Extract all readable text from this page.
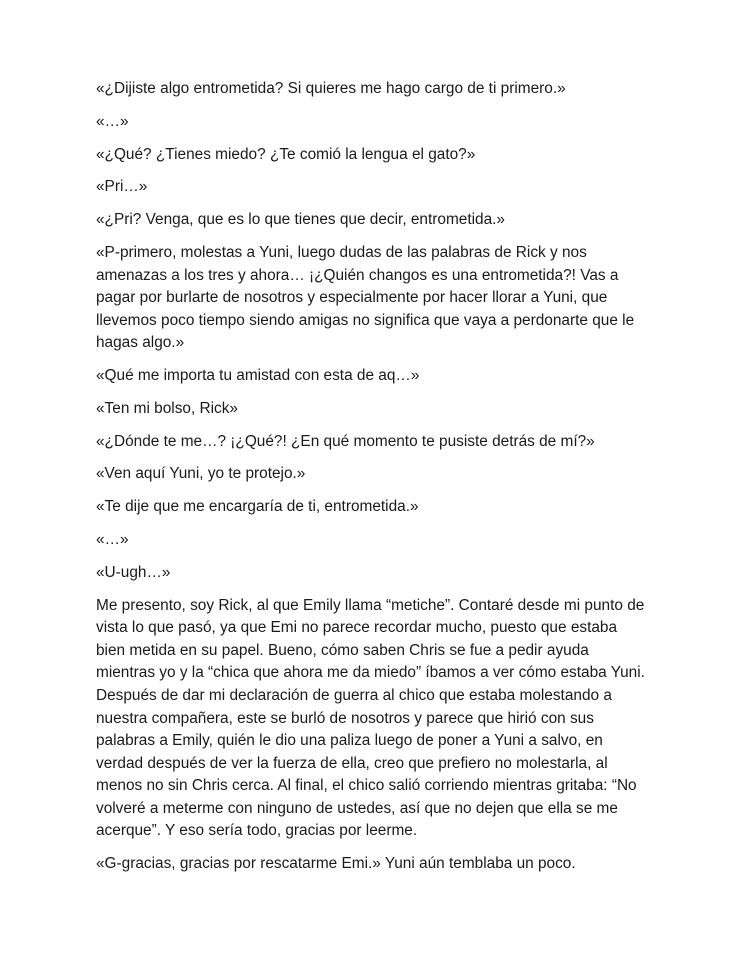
«¿Dijiste algo entrometida? Si quieres me hago cargo de ti primero.»

«…»

«¿Qué? ¿Tienes miedo? ¿Te comió la lengua el gato?»

«Pri…»

«¿Pri? Venga, que es lo que tienes que decir, entrometida.»

«P-primero, molestas a Yuni, luego dudas de las palabras de Rick y nos amenazas a los tres y ahora… ¡¿Quién changos es una entrometida?! Vas a pagar por burlarte de nosotros y especialmente por hacer llorar a Yuni, que llevemos poco tiempo siendo amigas no significa que vaya a perdonarte que le hagas algo.»

«Qué me importa tu amistad con esta de aq…»

«Ten mi bolso, Rick»

«¿Dónde te me…? ¡¿Qué?! ¿En qué momento te pusiste detrás de mí?»

«Ven aquí Yuni, yo te protejo.»

«Te dije que me encargaría de ti, entrometida.»

«…»

«U-ugh…»

Me presento, soy Rick, al que Emily llama “metiche”. Contaré desde mi punto de vista lo que pasó, ya que Emi no parece recordar mucho, puesto que estaba bien metida en su papel. Bueno, cómo saben Chris se fue a pedir ayuda mientras yo y la “chica que ahora me da miedo” íbamos a ver cómo estaba Yuni. Después de dar mi declaración de guerra al chico que estaba molestando a nuestra compañera, este se burló de nosotros y parece que hirió con sus palabras a Emily, quién le dio una paliza luego de poner a Yuni a salvo, en verdad después de ver la fuerza de ella, creo que prefiero no molestarla, al menos no sin Chris cerca. Al final, el chico salió corriendo mientras gritaba: “No volveré a meterme con ninguno de ustedes, así que no dejen que ella se me acerque”. Y eso sería todo, gracias por leerme.

«G-gracias, gracias por rescatarme Emi.» Yuni aún temblaba un poco.
